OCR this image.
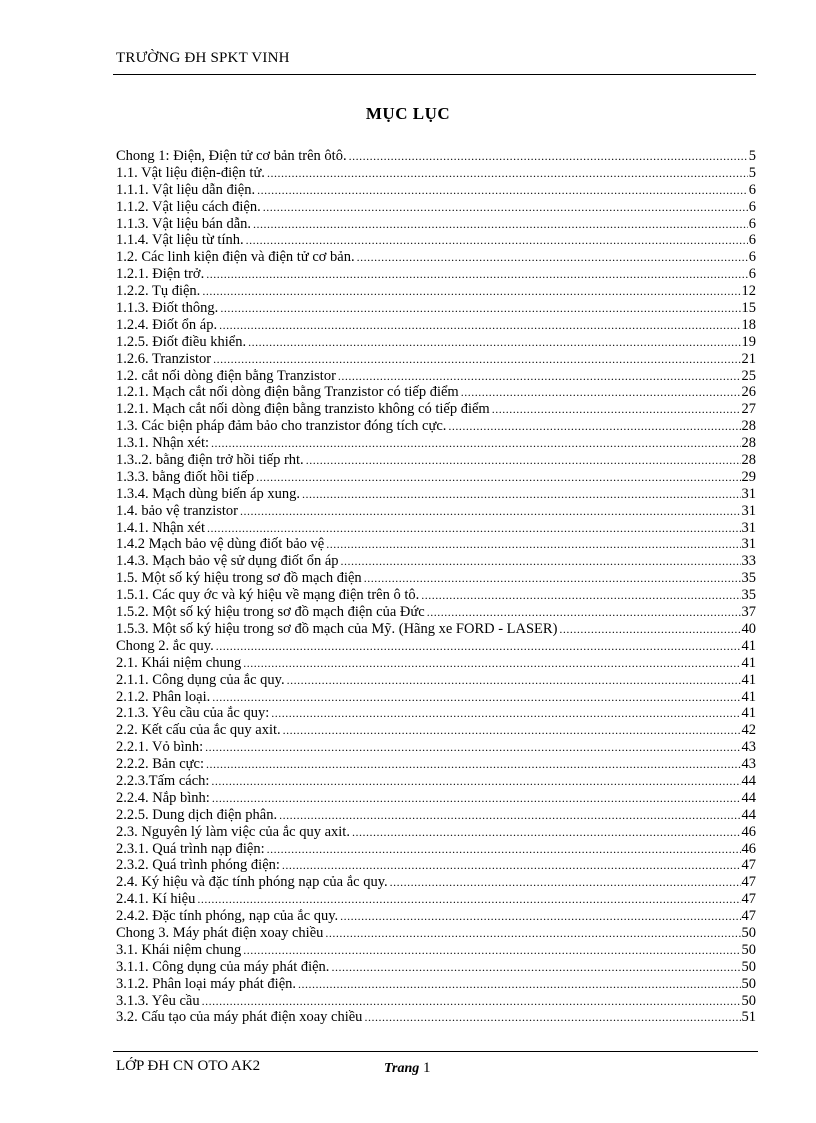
TRƯỜNG ĐH SPKT VINH
MỤC LỤC
Chong 1: Điện, Điện tử cơ bản trên ôtô. .....	5
1.1. Vật liệu điện-điện tử. .....	5
1.1.1. Vật liệu dẫn điện. .....	6
1.1.2. Vật liệu cách điện. .....	6
1.1.3. Vật liệu bán dẫn. .....	6
1.1.4. Vật liệu từ tính. .....	6
1.2. Các linh kiện điện và điện tử cơ bản. .....	6
1.2.1. Điện trở. .....	6
1.2.2. Tụ điện. .....	12
1.1.3. Điốt thông. .....	15
1.2.4. Điốt ổn áp. .....	18
1.2.5. Điốt điều khiển. .....	19
1.2.6. Tranzistor .....	21
1.2. cắt nối dòng điện bằng Tranzistor .....	25
1.2.1. Mạch cắt nối dòng điện bằng Tranzistor có tiếp điểm .....	26
1.2.1. Mạch cắt nối dòng điện bằng tranzisto không có tiếp điểm .....	27
1.3. Các biện pháp đảm bảo cho tranzistor đóng tích cực. .....	28
1.3.1. Nhận xét: .....	28
1.3..2. bằng điện trở hồi tiếp rht. .....	28
1.3.3. bằng điốt hồi tiếp .....	29
1.3.4. Mạch dùng biến áp xung. .....	31
1.4. bảo vệ tranzistor .....	31
1.4.1. Nhận xét .....	31
1.4.2 Mạch bảo vệ dùng điốt bảo vệ .....	31
1.4.3. Mạch bảo vệ sử dụng điốt ổn áp .....	33
1.5. Một số ký hiệu trong sơ đồ mạch điện .....	35
1.5.1. Các quy ớc và ký hiệu về mạng điện trên ô tô. .....	35
1.5.2. Một số ký hiệu trong sơ đồ mạch điện của Đức .....	37
1.5.3. Một số ký hiệu trong sơ đồ mạch của Mỹ. (Hãng xe FORD - LASER) .....	40
Chong 2. ắc quy. .....	41
2.1. Khái niệm chung .....	41
2.1.1. Công dụng của ắc quy. .....	41
2.1.2. Phân loại. .....	41
2.1.3. Yêu cầu của ắc quy: .....	41
2.2. Kết cấu của ắc quy axit. .....	42
2.2.1. Vỏ bình: .....	43
2.2.2. Bản cực: .....	43
2.2.3.Tấm cách: .....	44
2.2.4. Nắp bình: .....	44
2.2.5. Dung dịch điện phân. .....	44
2.3. Nguyên lý làm việc của ắc quy axit. .....	46
2.3.1. Quá trình nạp điện: .....	46
2.3.2. Quá trình phóng điện: .....	47
2.4. Ký hiệu và đặc tính phóng nạp của ắc quy. .....	47
2.4.1. Kí hiệu .....	47
2.4.2. Đặc tính phóng, nạp của ắc quy. .....	47
Chong 3. Máy phát điện xoay chiều .....	50
3.1. Khái niệm chung .....	50
3.1.1. Công dụng của máy phát điện. .....	50
3.1.2. Phân loại máy phát điện. .....	50
3.1.3. Yêu cầu .....	50
3.2. Cấu tạo của máy phát điện xoay chiều .....	51
LỚP ĐH CN OTO AK2	Trang 1
